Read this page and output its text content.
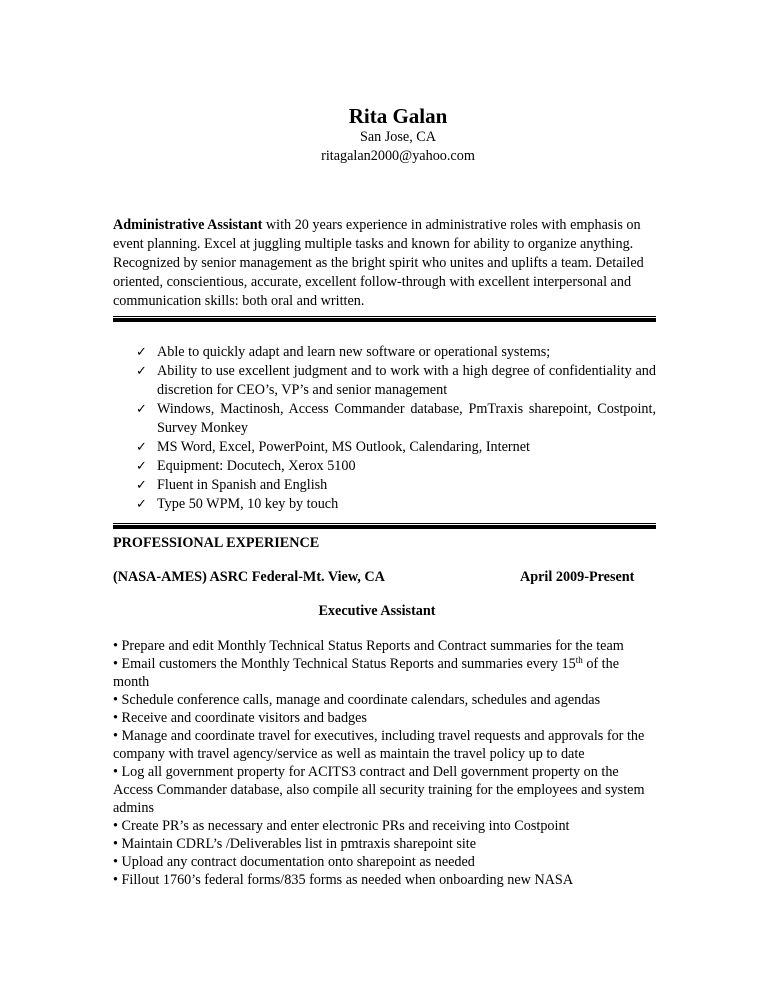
Rita Galan
San Jose, CA
ritagalan2000@yahoo.com
Administrative Assistant with 20 years experience in administrative roles with emphasis on event planning. Excel at juggling multiple tasks and known for ability to organize anything. Recognized by senior management as the bright spirit who unites and uplifts a team. Detailed oriented, conscientious, accurate, excellent follow-through with excellent interpersonal and communication skills: both oral and written.
✓ Able to quickly adapt and learn new software or operational systems;
✓ Ability to use excellent judgment and to work with a high degree of confidentiality and discretion for CEO’s, VP’s and senior management
✓ Windows, Mactinosh, Access Commander database, PmTraxis sharepoint, Costpoint, Survey Monkey
✓ MS Word, Excel, PowerPoint, MS Outlook, Calendaring, Internet
✓ Equipment: Docutech, Xerox 5100
✓ Fluent in Spanish and English
✓ Type 50 WPM, 10 key by touch
PROFESSIONAL EXPERIENCE
(NASA-AMES) ASRC Federal-Mt. View, CA	April 2009-Present
Executive Assistant
• Prepare and edit Monthly Technical Status Reports and Contract summaries for the team
• Email customers the Monthly Technical Status Reports and summaries every 15th of the month
• Schedule conference calls, manage and coordinate calendars, schedules and agendas
• Receive and coordinate visitors and badges
• Manage and coordinate travel for executives, including travel requests and approvals for the company with travel agency/service as well as maintain the travel policy up to date
• Log all government property for ACITS3 contract and Dell government property on the Access Commander database, also compile all security training for the employees and system admins
• Create PR’s as necessary and enter electronic PRs and receiving into Costpoint
• Maintain CDRL’s /Deliverables list in pmtraxis sharepoint site
• Upload any contract documentation onto sharepoint as needed
• Fillout 1760’s federal forms/835 forms as needed when onboarding new NASA
